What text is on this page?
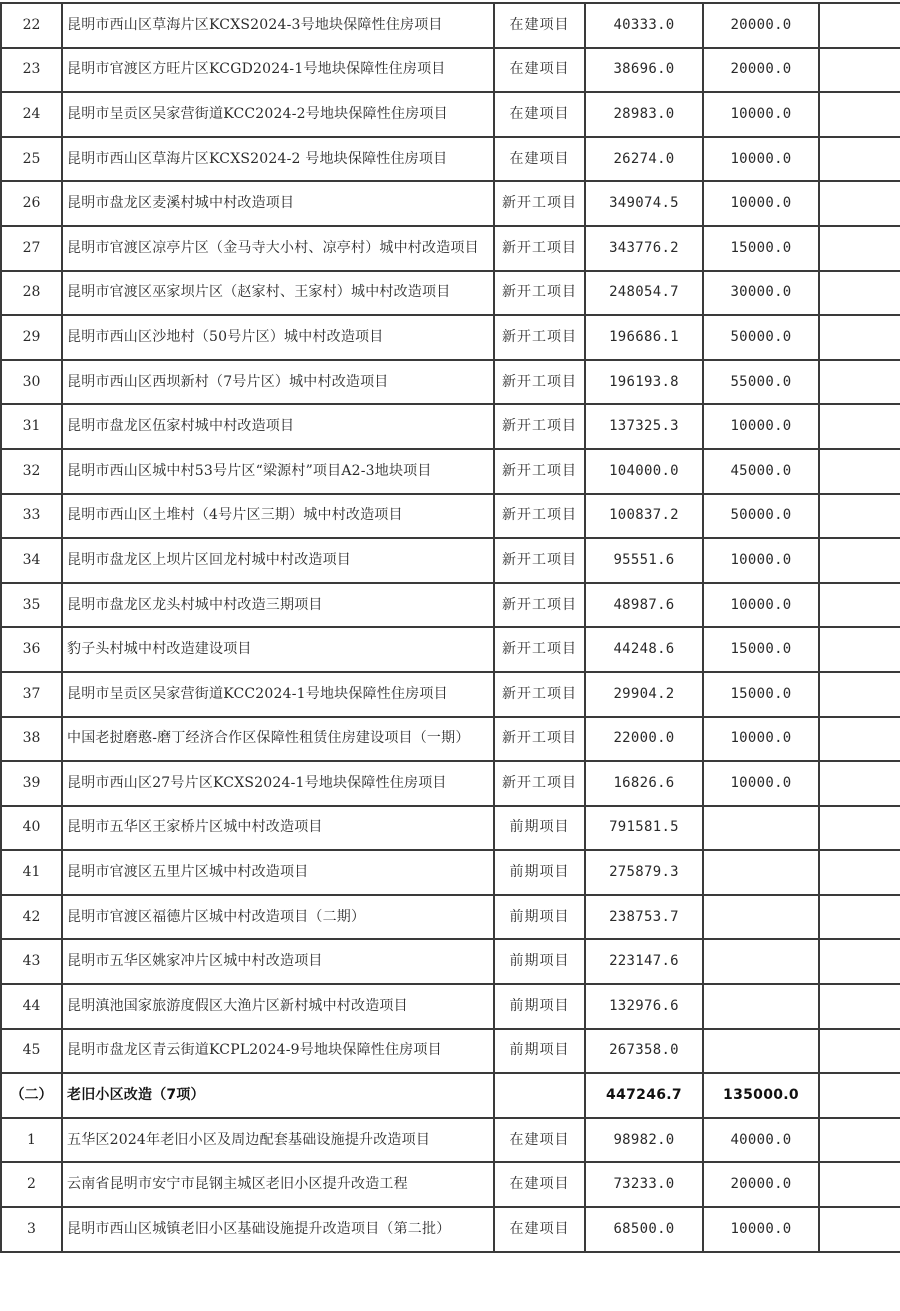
22	昆明市西山区草海片区KCXS2024-3号地块保障性住房项目	在建项目	40333.0	20000.0	
23	昆明市官渡区方旺片区KCGD2024-1号地块保障性住房项目	在建项目	38696.0	20000.0	
24	昆明市呈贡区吴家营街道KCC2024-2号地块保障性住房项目	在建项目	28983.0	10000.0	
25	昆明市西山区草海片区KCXS2024-2 号地块保障性住房项目	在建项目	26274.0	10000.0	
26	昆明市盘龙区麦溪村城中村改造项目	新开工项目	349074.5	10000.0	
27	昆明市官渡区凉亭片区（金马寺大小村、凉亭村）城中村改造项目	新开工项目	343776.2	15000.0	
28	昆明市官渡区巫家坝片区（赵家村、王家村）城中村改造项目	新开工项目	248054.7	30000.0	
29	昆明市西山区沙地村（50号片区）城中村改造项目	新开工项目	196686.1	50000.0	
30	昆明市西山区西坝新村（7号片区）城中村改造项目	新开工项目	196193.8	55000.0	
31	昆明市盘龙区伍家村城中村改造项目	新开工项目	137325.3	10000.0	
32	昆明市西山区城中村53号片区“梁源村”项目A2-3地块项目	新开工项目	104000.0	45000.0	
33	昆明市西山区土堆村（4号片区三期）城中村改造项目	新开工项目	100837.2	50000.0	
34	昆明市盘龙区上坝片区回龙村城中村改造项目	新开工项目	95551.6	10000.0	
35	昆明市盘龙区龙头村城中村改造三期项目	新开工项目	48987.6	10000.0	
36	豹子头村城中村改造建设项目	新开工项目	44248.6	15000.0	
37	昆明市呈贡区吴家营街道KCC2024-1号地块保障性住房项目	新开工项目	29904.2	15000.0	
38	中国老挝磨憨-磨丁经济合作区保障性租赁住房建设项目（一期）	新开工项目	22000.0	10000.0	
39	昆明市西山区27号片区KCXS2024-1号地块保障性住房项目	新开工项目	16826.6	10000.0	
40	昆明市五华区王家桥片区城中村改造项目	前期项目	791581.5		
41	昆明市官渡区五里片区城中村改造项目	前期项目	275879.3		
42	昆明市官渡区福德片区城中村改造项目（二期）	前期项目	238753.7		
43	昆明市五华区姚家冲片区城中村改造项目	前期项目	223147.6		
44	昆明滇池国家旅游度假区大渔片区新村城中村改造项目	前期项目	132976.6		
45	昆明市盘龙区青云街道KCPL2024-9号地块保障性住房项目	前期项目	267358.0		
（二）	老旧小区改造（7项）		447246.7	135000.0	
1	五华区2024年老旧小区及周边配套基础设施提升改造项目	在建项目	98982.0	40000.0	
2	云南省昆明市安宁市昆钢主城区老旧小区提升改造工程	在建项目	73233.0	20000.0	
3	昆明市西山区城镇老旧小区基础设施提升改造项目（第二批）	在建项目	68500.0	10000.0	
